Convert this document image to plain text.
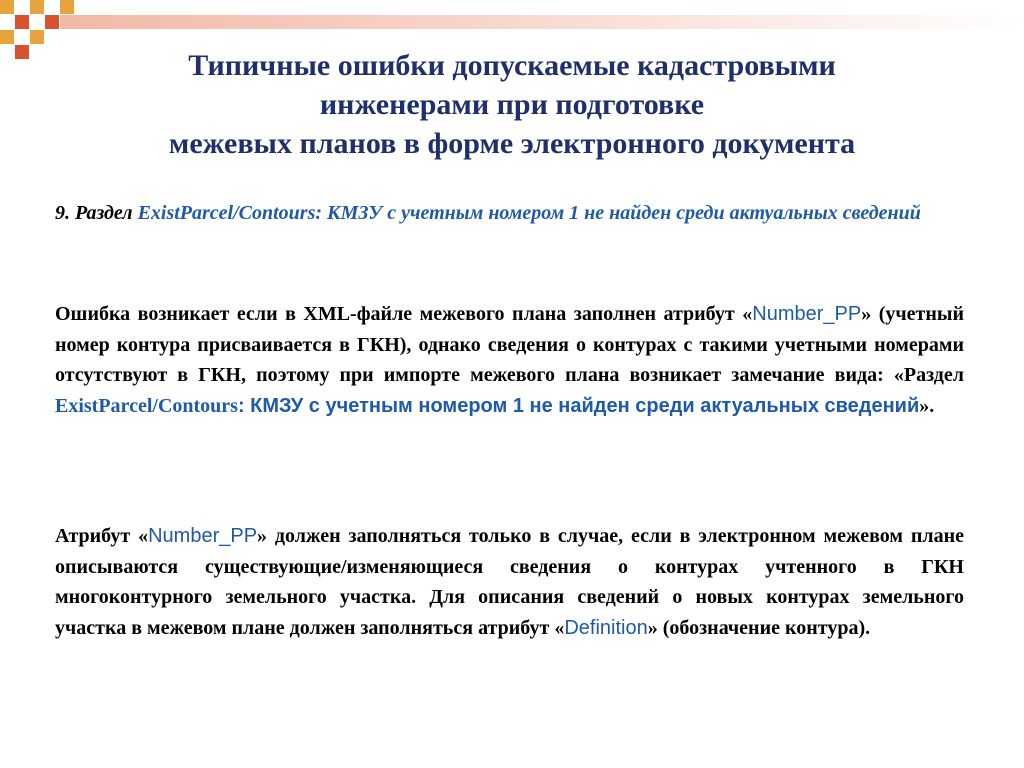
Типичные ошибки допускаемые кадастровыми
инженерами при подготовке
межевых планов в форме электронного документа
9. Раздел ExistParcel/Contours: КМЗУ с учетным номером 1 не найден среди актуальных сведений
Ошибка возникает если в XML-файле межевого плана заполнен атрибут «Number_PP» (учетный номер контура присваивается в ГКН), однако сведения о контурах с такими учетными номерами отсутствуют в ГКН, поэтому при импорте межевого плана возникает замечание вида: «Раздел ExistParcel/Contours: КМЗУ с учетным номером 1 не найден среди актуальных сведений».
Атрибут «Number_PP» должен заполняться только в случае, если в электронном межевом плане описываются существующие/изменяющиеся сведения о контурах учтенного в ГКН многоконтурного земельного участка. Для описания сведений о новых контурах земельного участка в межевом плане должен заполняться атрибут «Definition» (обозначение контура).
